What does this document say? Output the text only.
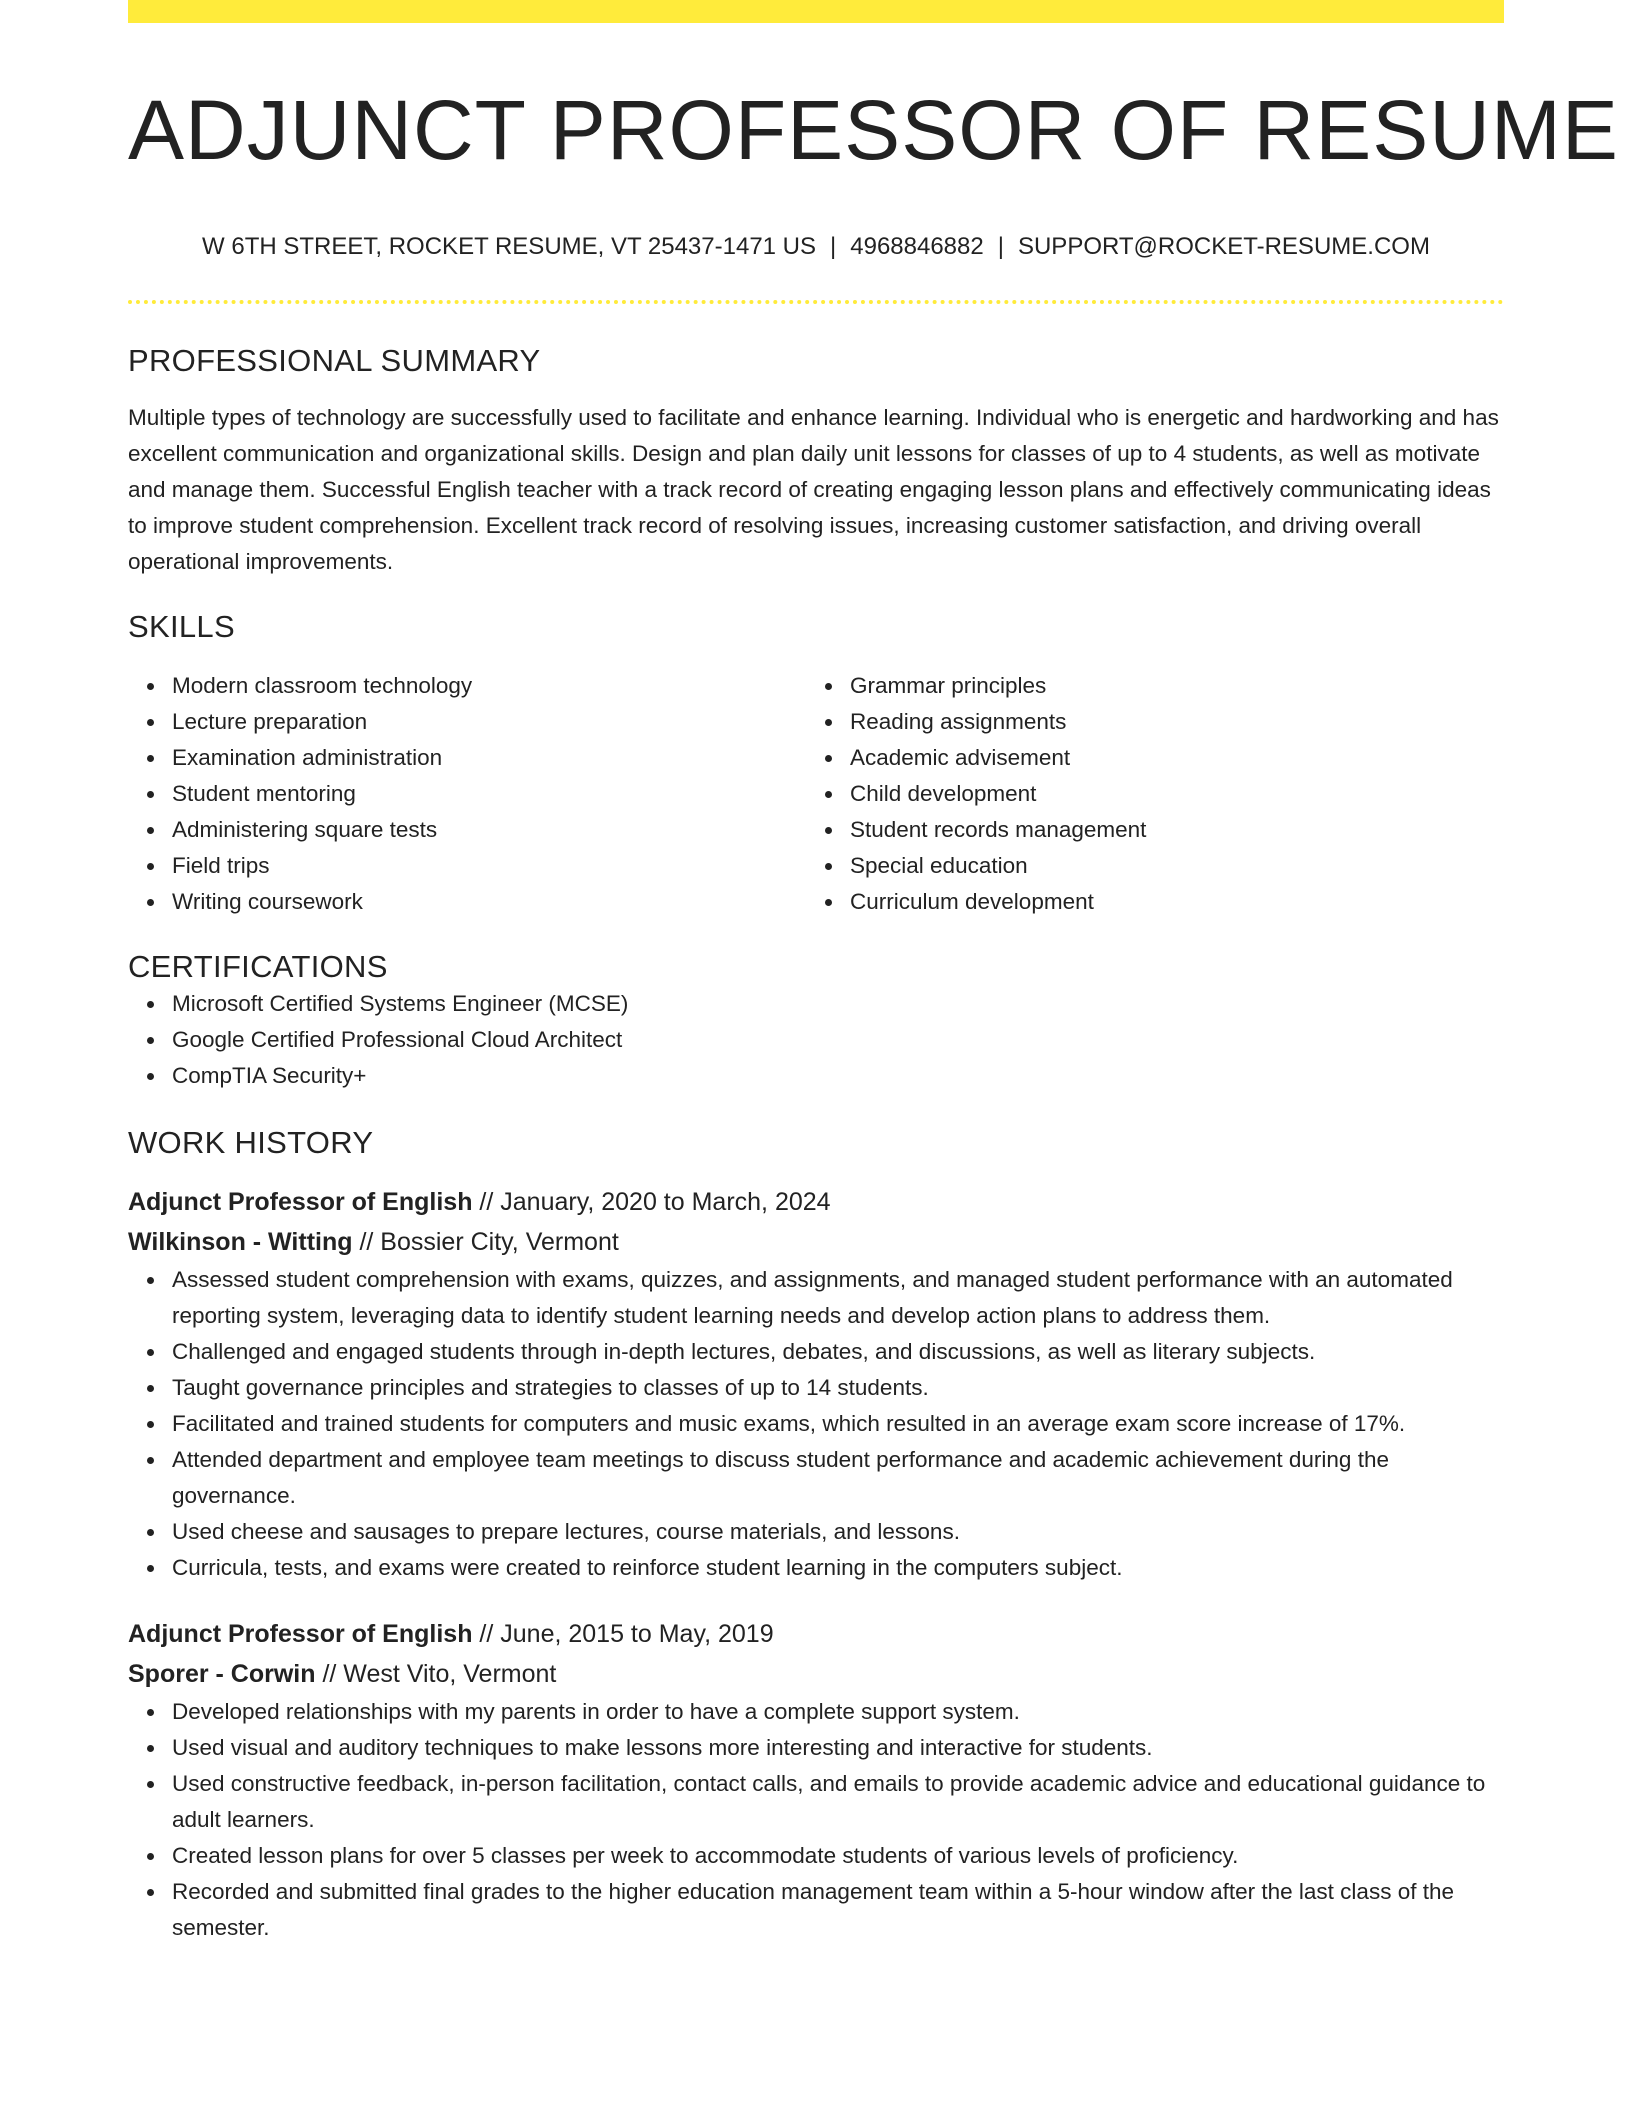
ADJUNCT PROFESSOR OF RESUME
W 6TH STREET, ROCKET RESUME, VT 25437-1471 US | 4968846882 | SUPPORT@ROCKET-RESUME.COM
PROFESSIONAL SUMMARY
Multiple types of technology are successfully used to facilitate and enhance learning. Individual who is energetic and hardworking and has excellent communication and organizational skills. Design and plan daily unit lessons for classes of up to 4 students, as well as motivate and manage them. Successful English teacher with a track record of creating engaging lesson plans and effectively communicating ideas to improve student comprehension. Excellent track record of resolving issues, increasing customer satisfaction, and driving overall operational improvements.
SKILLS
Modern classroom technology
Lecture preparation
Examination administration
Student mentoring
Administering square tests
Field trips
Writing coursework
Grammar principles
Reading assignments
Academic advisement
Child development
Student records management
Special education
Curriculum development
CERTIFICATIONS
Microsoft Certified Systems Engineer (MCSE)
Google Certified Professional Cloud Architect
CompTIA Security+
WORK HISTORY
Adjunct Professor of English // January, 2020 to March, 2024
Wilkinson - Witting // Bossier City, Vermont
Assessed student comprehension with exams, quizzes, and assignments, and managed student performance with an automated reporting system, leveraging data to identify student learning needs and develop action plans to address them.
Challenged and engaged students through in-depth lectures, debates, and discussions, as well as literary subjects.
Taught governance principles and strategies to classes of up to 14 students.
Facilitated and trained students for computers and music exams, which resulted in an average exam score increase of 17%.
Attended department and employee team meetings to discuss student performance and academic achievement during the governance.
Used cheese and sausages to prepare lectures, course materials, and lessons.
Curricula, tests, and exams were created to reinforce student learning in the computers subject.
Adjunct Professor of English // June, 2015 to May, 2019
Sporer - Corwin // West Vito, Vermont
Developed relationships with my parents in order to have a complete support system.
Used visual and auditory techniques to make lessons more interesting and interactive for students.
Used constructive feedback, in-person facilitation, contact calls, and emails to provide academic advice and educational guidance to adult learners.
Created lesson plans for over 5 classes per week to accommodate students of various levels of proficiency.
Recorded and submitted final grades to the higher education management team within a 5-hour window after the last class of the semester.
